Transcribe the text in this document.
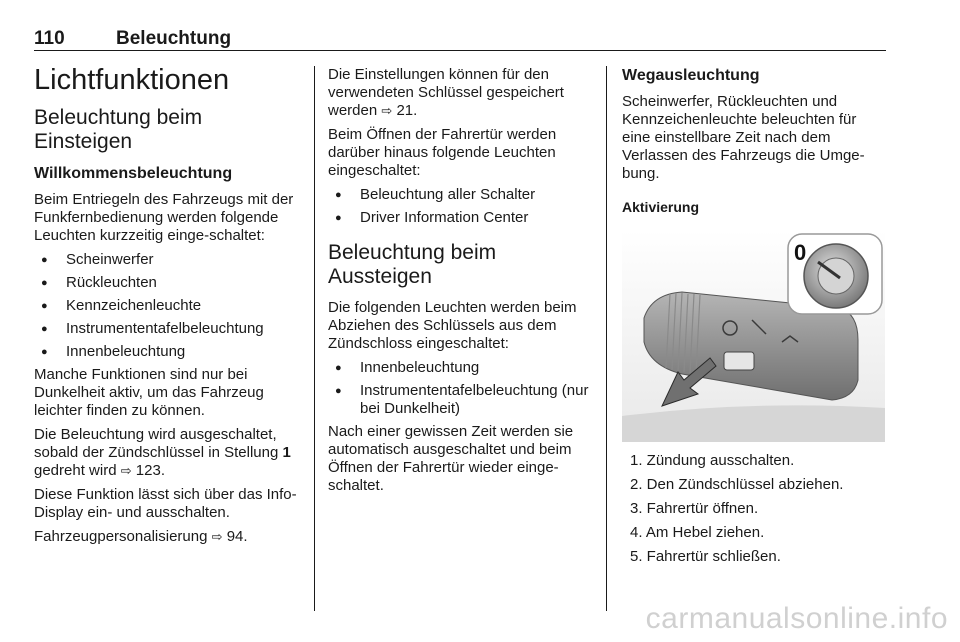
110	Beleuchtung
Lichtfunktionen
Beleuchtung beim Einsteigen
Willkommensbeleuchtung

Beim Entriegeln des Fahrzeugs mit der Funkfernbedienung werden folgende Leuchten kurzzeitig einge-schaltet:

● Scheinwerfer
● Rückleuchten
● Kennzeichenleuchte
● Instrumententafelbeleuchtung
● Innenbeleuchtung

Manche Funktionen sind nur bei Dunkelheit aktiv, um das Fahrzeug leichter finden zu können.

Die Beleuchtung wird ausgeschaltet, sobald der Zündschlüssel in Stellung 1 gedreht wird ⇨ 123.

Diese Funktion lässt sich über das Info-Display ein- und ausschalten.

Fahrzeugpersonalisierung ⇨ 94.

Die Einstellungen können für den verwendeten Schlüssel gespeichert werden ⇨ 21.

Beim Öffnen der Fahrertür werden darüber hinaus folgende Leuchten eingeschaltet:

● Beleuchtung aller Schalter
● Driver Information Center
Beleuchtung beim Aussteigen

Die folgenden Leuchten werden beim Abziehen des Schlüssels aus dem Zündschloss eingeschaltet:

● Innenbeleuchtung
● Instrumententafelbeleuchtung (nur bei Dunkelheit)

Nach einer gewissen Zeit werden sie automatisch ausgeschaltet und beim Öffnen der Fahrertür wieder einge-schaltet.

Wegausleuchtung

Scheinwerfer, Rückleuchten und Kennzeichenleuchte beleuchten für eine einstellbare Zeit nach dem Verlassen des Fahrzeugs die Umge-bung.

Aktivierung
0
1. Zündung ausschalten.
2. Den Zündschlüssel abziehen.
3. Fahrertür öffnen.
4. Am Hebel ziehen.
5. Fahrertür schließen.
carmanualsonline.info
